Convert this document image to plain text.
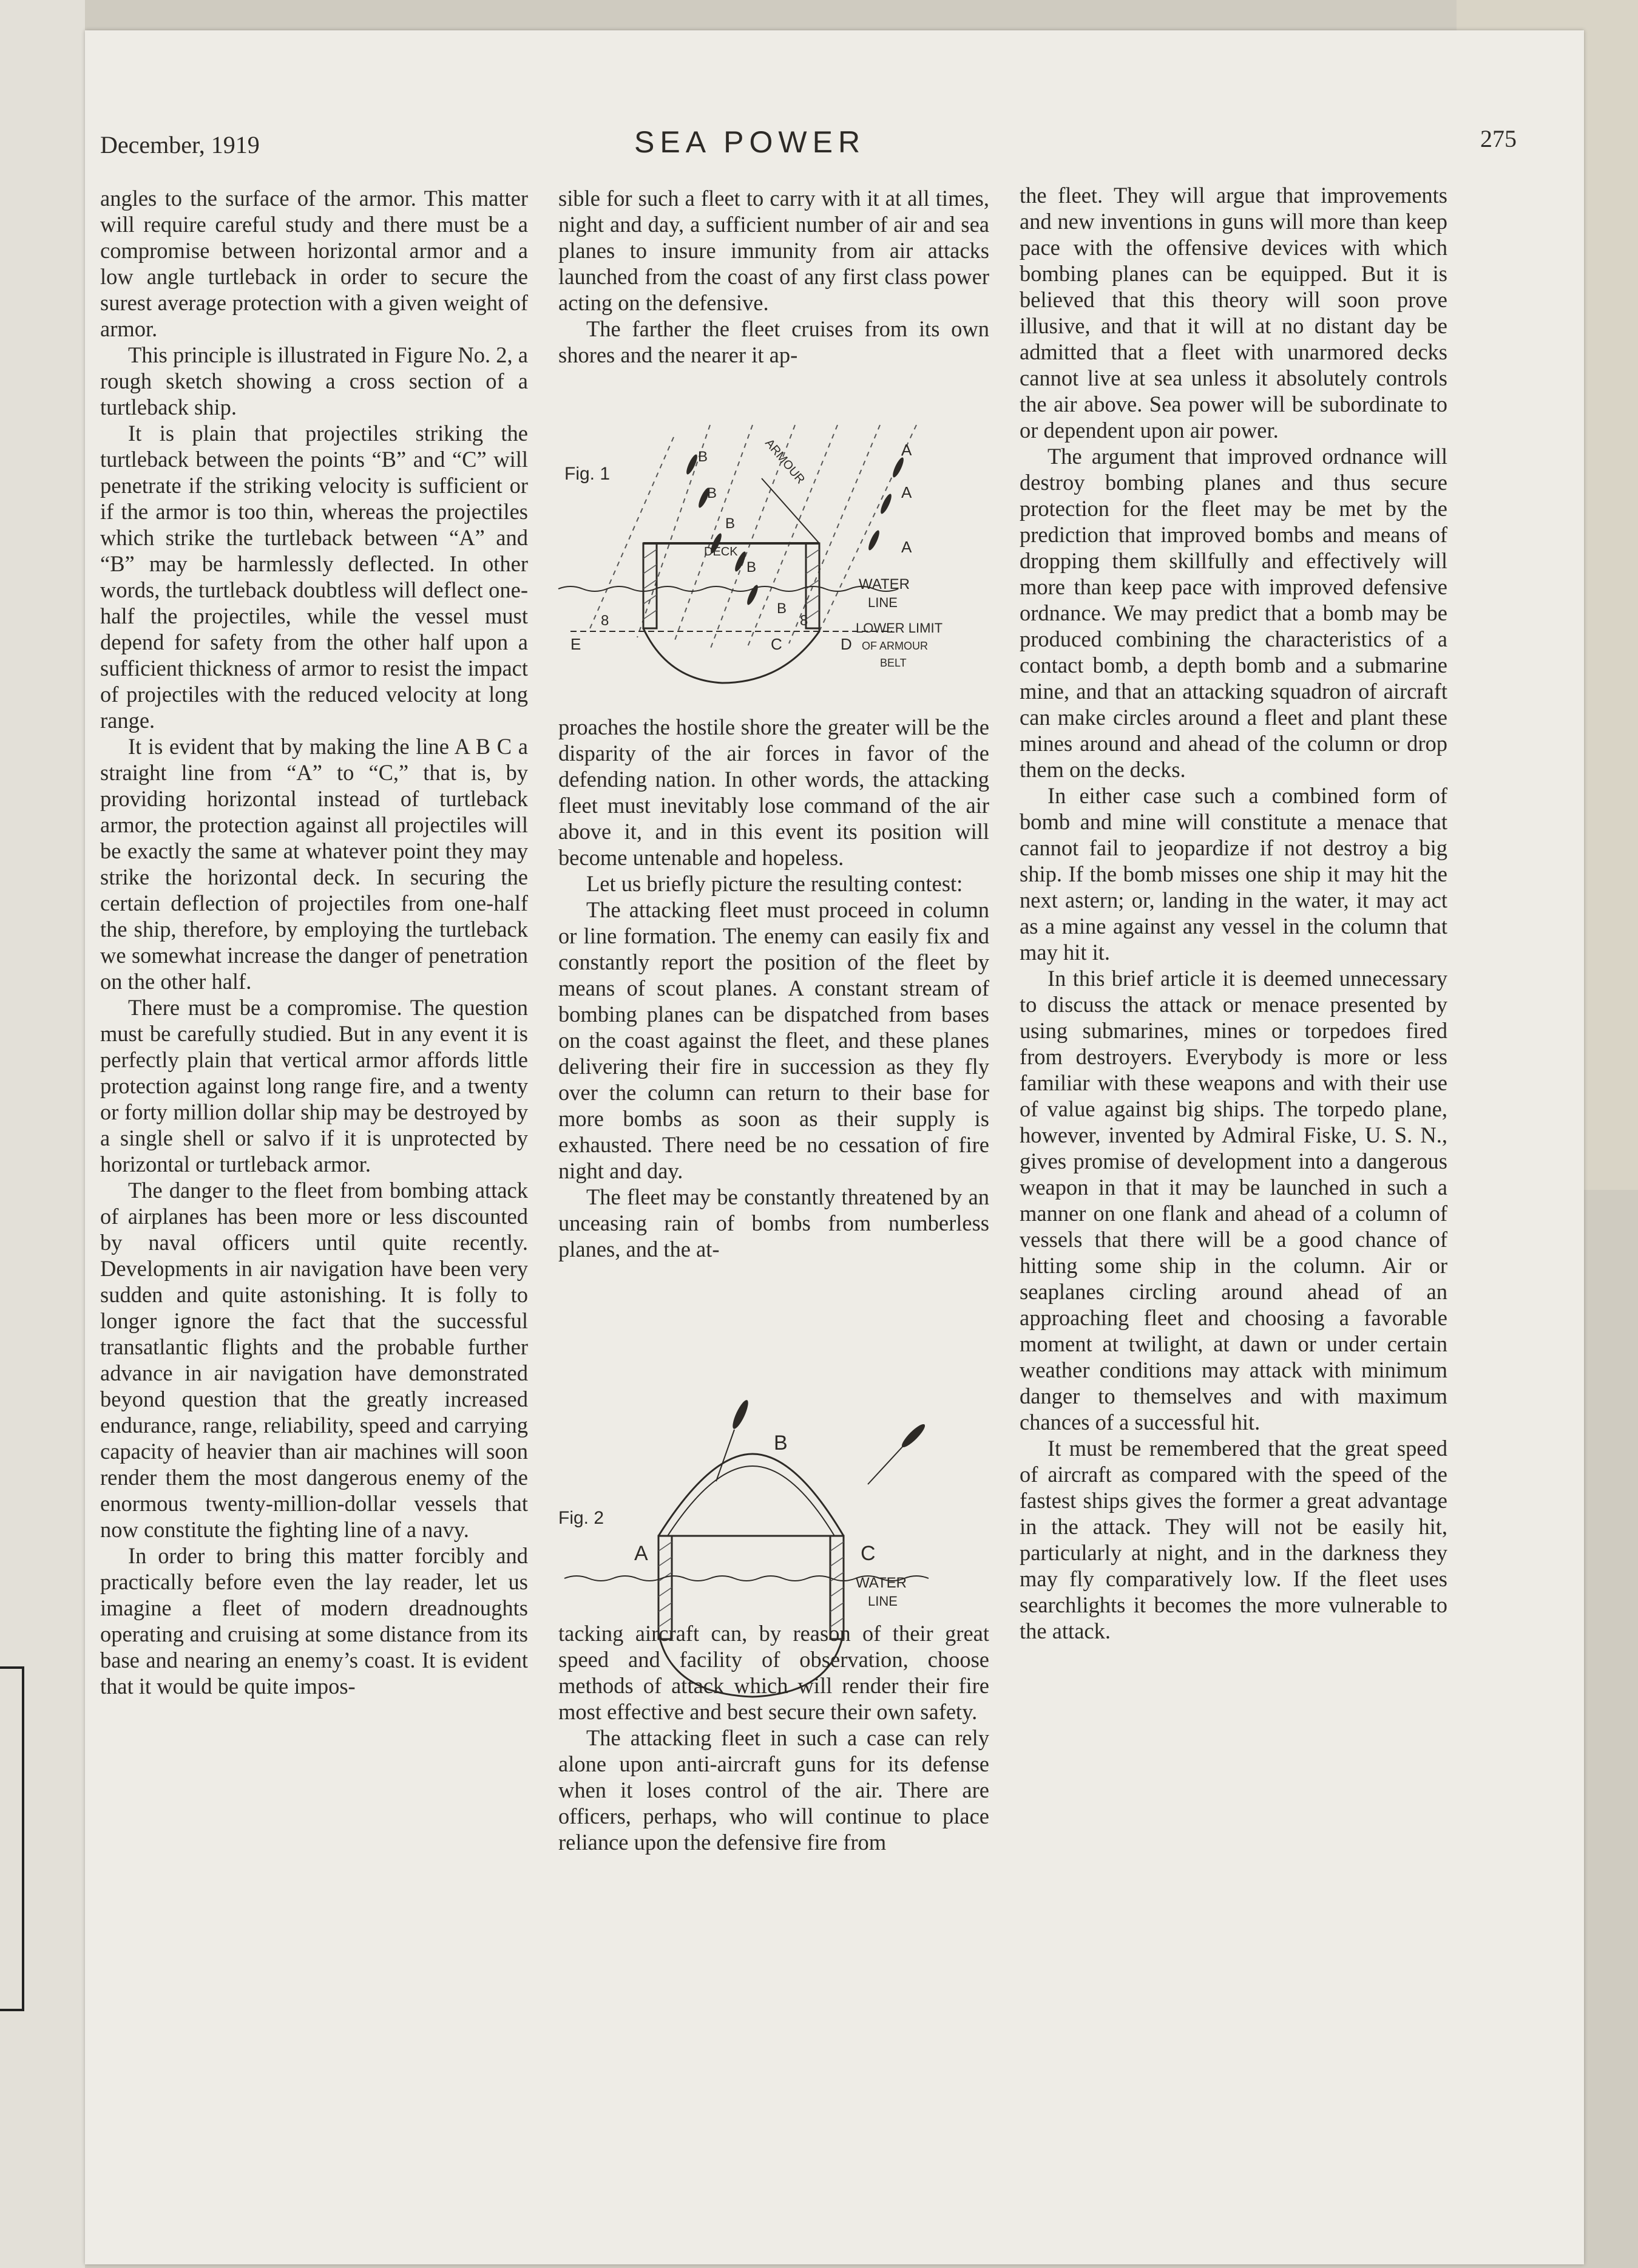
December, 1919	SEA POWER	275

angles to the surface of the armor. This matter will require careful study and there must be a compromise between horizontal armor and a low angle turtleback in order to secure the surest average protection with a given weight of armor.

This principle is illustrated in Figure No. 2, a rough sketch showing a cross section of a turtleback ship.

It is plain that projectiles striking the turtleback between the points “B” and “C” will penetrate if the striking velocity is sufficient or if the armor is too thin, whereas the projectiles which strike the turtleback between “A” and “B” may be harmlessly deflected. In other words, the turtleback doubtless will deflect one-half the projectiles, while the vessel must depend for safety from the other half upon a sufficient thickness of armor to resist the impact of projectiles with the reduced velocity at long range.

It is evident that by making the line A B C a straight line from “A” to “C,” that is, by providing horizontal instead of turtleback armor, the protection against all projectiles will be exactly the same at whatever point they may strike the horizontal deck. In securing the certain deflection of projectiles from one-half the ship, therefore, by employing the turtleback we somewhat increase the danger of penetration on the other half.

There must be a compromise. The question must be carefully studied. But in any event it is perfectly plain that vertical armor affords little protection against long range fire, and a twenty or forty million dollar ship may be destroyed by a single shell or salvo if it is unprotected by horizontal or turtleback armor.

The danger to the fleet from bombing attack of airplanes has been more or less discounted by naval officers until quite recently. Developments in air navigation have been very sudden and quite astonishing. It is folly to longer ignore the fact that the successful transatlantic flights and the probable further advance in air navigation have demonstrated beyond question that the greatly increased endurance, range, reliability, speed and carrying capacity of heavier than air machines will soon render them the most dangerous enemy of the enormous twenty-million-dollar vessels that now constitute the fighting line of a navy.

In order to bring this matter forcibly and practically before even the lay reader, let us imagine a fleet of modern dreadnoughts operating and cruising at some distance from its base and nearing an enemy’s coast. It is evident that it would be quite impos-

sible for such a fleet to carry with it at all times, night and day, a sufficient number of air and sea planes to insure immunity from air attacks launched from the coast of any first class power acting on the defensive.

The farther the fleet cruises from its own shores and the nearer it ap-

proaches the hostile shore the greater will be the disparity of the air forces in favor of the defending nation. In other words, the attacking fleet must inevitably lose command of the air above it, and in this event its position will become untenable and hopeless.

Let us briefly picture the resulting contest:

The attacking fleet must proceed in column or line formation. The enemy can easily fix and constantly report the position of the fleet by means of scout planes. A constant stream of bombing planes can be dispatched from bases on the coast against the fleet, and these planes delivering their fire in succession as they fly over the column can return to their base for more bombs as soon as their supply is exhausted. There need be no cessation of fire night and day.

The fleet may be constantly threatened by an unceasing rain of bombs from numberless planes, and the at-

tacking aircraft can, by reason of their great speed and facility of observation, choose methods of attack which will render their fire most effective and best secure their own safety.

The attacking fleet in such a case can rely alone upon anti-aircraft guns for its defense when it loses control of the air. There are officers, perhaps, who will continue to place reliance upon the defensive fire from

the fleet. They will argue that improvements and new inventions in guns will more than keep pace with the offensive devices with which bombing planes can be equipped. But it is believed that this theory will soon prove illusive, and that it will at no distant day be admitted that a fleet with unarmored decks cannot live at sea unless it absolutely controls the air above. Sea power will be subordinate to or dependent upon air power.

The argument that improved ordnance will destroy bombing planes and thus secure protection for the fleet may be met by the prediction that improved bombs and means of dropping them skillfully and effectively will more than keep pace with improved defensive ordnance. We may predict that a bomb may be produced combining the characteristics of a contact bomb, a depth bomb and a submarine mine, and that an attacking squadron of aircraft can make circles around a fleet and plant these mines around and ahead of the column or drop them on the decks.

In either case such a combined form of bomb and mine will constitute a menace that cannot fail to jeopardize if not destroy a big ship. If the bomb misses one ship it may hit the next astern; or, landing in the water, it may act as a mine against any vessel in the column that may hit it.

In this brief article it is deemed unnecessary to discuss the attack or menace presented by using submarines, mines or torpedoes fired from destroyers. Everybody is more or less familiar with these weapons and with their use of value against big ships. The torpedo plane, however, invented by Admiral Fiske, U. S. N., gives promise of development into a dangerous weapon in that it may be launched in such a manner on one flank and ahead of a column of vessels that there will be a good chance of hitting some ship in the column. Air or seaplanes circling around ahead of an approaching fleet and choosing a favorable moment at twilight, at dawn or under certain weather conditions may attack with minimum danger to themselves and with maximum chances of a successful hit.

It must be remembered that the great speed of aircraft as compared with the speed of the fastest ships gives the former a great advantage in the attack. They will not be easily hit, particularly at night, and in the darkness they may fly comparatively low. If the fleet uses searchlights it becomes the more vulnerable to the attack.

Fig. 1	ARMOUR
DECK
WATER
LINE
LOWER LIMIT
OF ARMOUR
BELT
A
A
A
B
B
B
B
B
C	D
E
8	8
Fig. 2
A
B
C
WATER
LINE
